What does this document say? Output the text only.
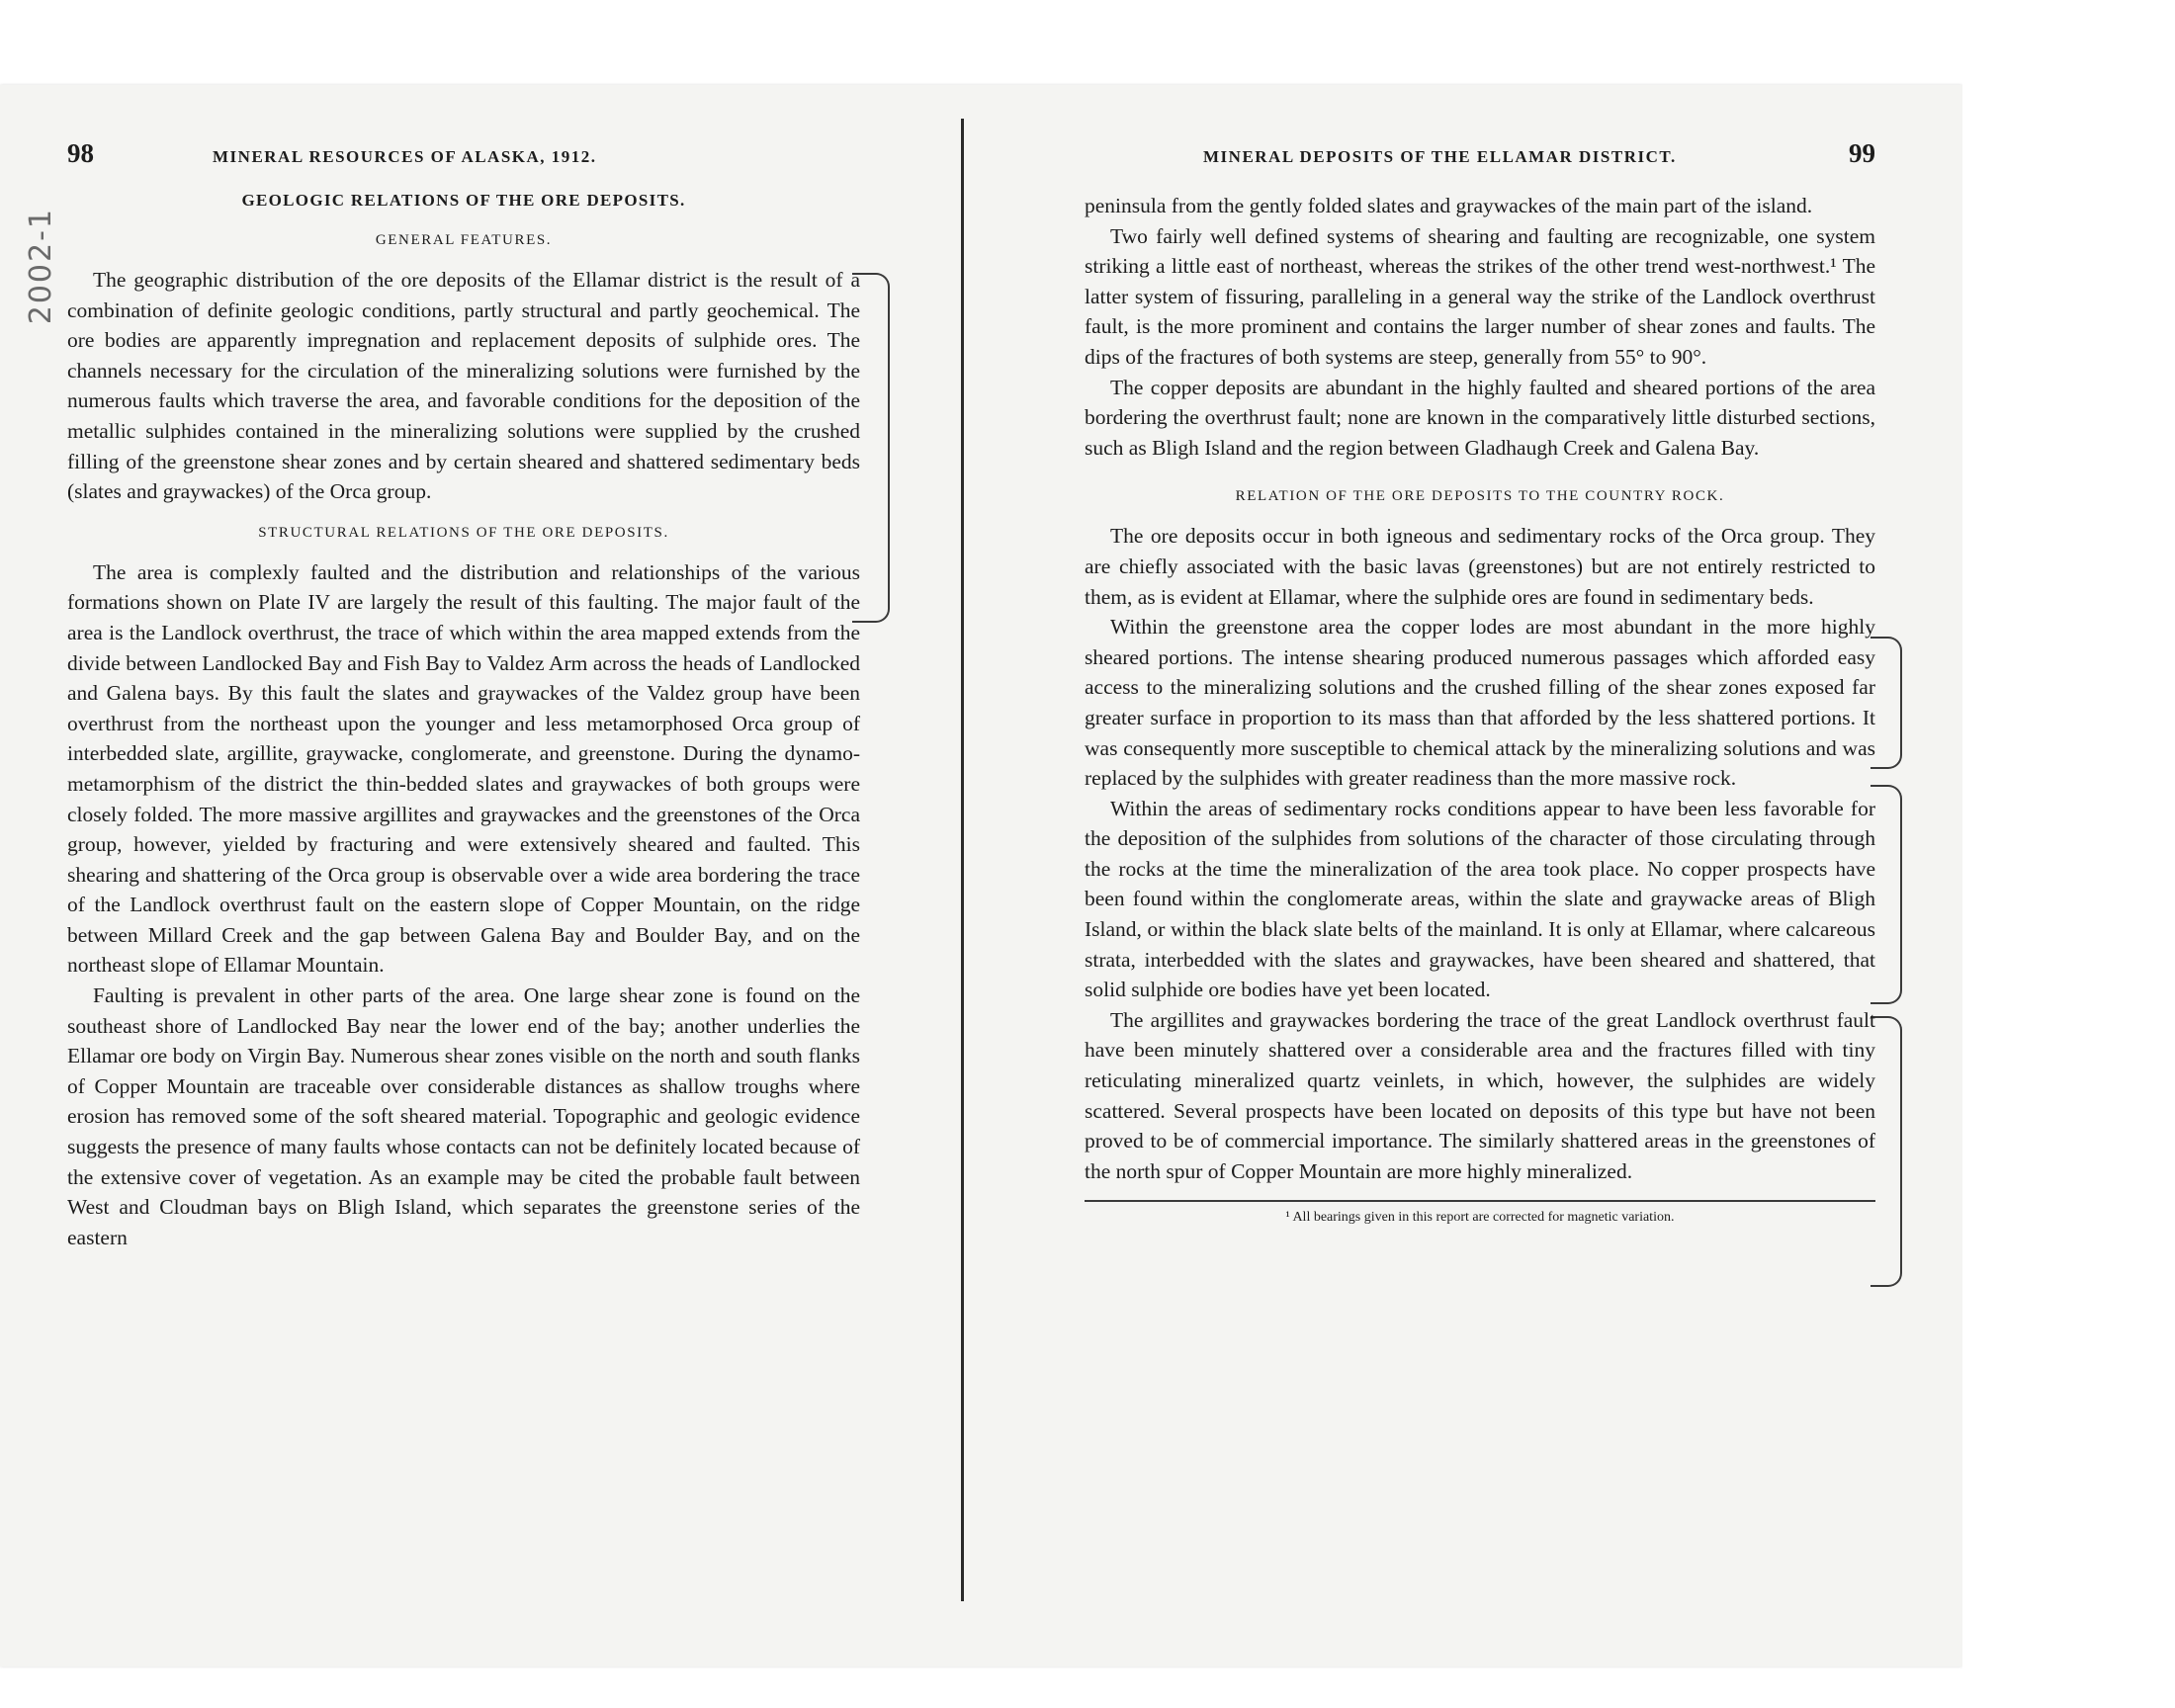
2002-1
98	MINERAL RESOURCES OF ALASKA, 1912.
GEOLOGIC RELATIONS OF THE ORE DEPOSITS.
GENERAL FEATURES.

The geographic distribution of the ore deposits of the Ellamar district is the result of a combination of definite geologic conditions, partly structural and partly geochemical. The ore bodies are apparently impregnation and replacement deposits of sulphide ores. The channels necessary for the circulation of the mineralizing solutions were furnished by the numerous faults which traverse the area, and favorable conditions for the deposition of the metallic sulphides contained in the mineralizing solutions were supplied by the crushed filling of the greenstone shear zones and by certain sheared and shattered sedimentary beds (slates and graywackes) of the Orca group.

STRUCTURAL RELATIONS OF THE ORE DEPOSITS.

The area is complexly faulted and the distribution and relationships of the various formations shown on Plate IV are largely the result of this faulting. The major fault of the area is the Landlock overthrust, the trace of which within the area mapped extends from the divide between Landlocked Bay and Fish Bay to Valdez Arm across the heads of Landlocked and Galena bays. By this fault the slates and graywackes of the Valdez group have been overthrust from the northeast upon the younger and less metamorphosed Orca group of interbedded slate, argillite, graywacke, conglomerate, and greenstone. During the dynamo-metamorphism of the district the thin-bedded slates and graywackes of both groups were closely folded. The more massive argillites and graywackes and the greenstones of the Orca group, however, yielded by fracturing and were extensively sheared and faulted. This shearing and shattering of the Orca group is observable over a wide area bordering the trace of the Landlock overthrust fault on the eastern slope of Copper Mountain, on the ridge between Millard Creek and the gap between Galena Bay and Boulder Bay, and on the northeast slope of Ellamar Mountain.

Faulting is prevalent in other parts of the area. One large shear zone is found on the southeast shore of Landlocked Bay near the lower end of the bay; another underlies the Ellamar ore body on Virgin Bay. Numerous shear zones visible on the north and south flanks of Copper Mountain are traceable over considerable distances as shallow troughs where erosion has removed some of the soft sheared material. Topographic and geologic evidence suggests the presence of many faults whose contacts can not be definitely located because of the extensive cover of vegetation. As an example may be cited the probable fault between West and Cloudman bays on Bligh Island, which separates the greenstone series of the eastern

MINERAL DEPOSITS OF THE ELLAMAR DISTRICT.	99

peninsula from the gently folded slates and graywackes of the main part of the island.

Two fairly well defined systems of shearing and faulting are recognizable, one system striking a little east of northeast, whereas the strikes of the other trend west-northwest.¹ The latter system of fissuring, paralleling in a general way the strike of the Landlock overthrust fault, is the more prominent and contains the larger number of shear zones and faults. The dips of the fractures of both systems are steep, generally from 55° to 90°.

The copper deposits are abundant in the highly faulted and sheared portions of the area bordering the overthrust fault; none are known in the comparatively little disturbed sections, such as Bligh Island and the region between Gladhaugh Creek and Galena Bay.

RELATION OF THE ORE DEPOSITS TO THE COUNTRY ROCK.

The ore deposits occur in both igneous and sedimentary rocks of the Orca group. They are chiefly associated with the basic lavas (greenstones) but are not entirely restricted to them, as is evident at Ellamar, where the sulphide ores are found in sedimentary beds.

Within the greenstone area the copper lodes are most abundant in the more highly sheared portions. The intense shearing produced numerous passages which afforded easy access to the mineralizing solutions and the crushed filling of the shear zones exposed far greater surface in proportion to its mass than that afforded by the less shattered portions. It was consequently more susceptible to chemical attack by the mineralizing solutions and was replaced by the sulphides with greater readiness than the more massive rock.

Within the areas of sedimentary rocks conditions appear to have been less favorable for the deposition of the sulphides from solutions of the character of those circulating through the rocks at the time the mineralization of the area took place. No copper prospects have been found within the conglomerate areas, within the slate and graywacke areas of Bligh Island, or within the black slate belts of the mainland. It is only at Ellamar, where calcareous strata, interbedded with the slates and graywackes, have been sheared and shattered, that solid sulphide ore bodies have yet been located.

The argillites and graywackes bordering the trace of the great Landlock overthrust fault have been minutely shattered over a considerable area and the fractures filled with tiny reticulating mineralized quartz veinlets, in which, however, the sulphides are widely scattered. Several prospects have been located on deposits of this type but have not been proved to be of commercial importance. The similarly shattered areas in the greenstones of the north spur of Copper Mountain are more highly mineralized.

¹ All bearings given in this report are corrected for magnetic variation.
